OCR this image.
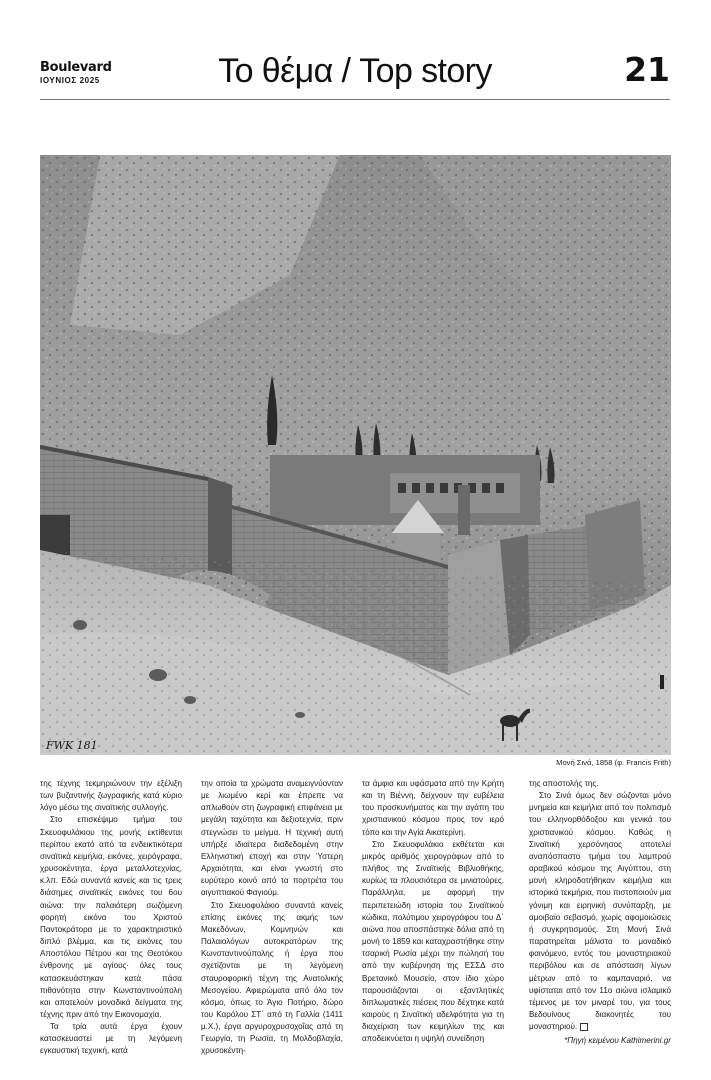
Boulevard
ΙΟΥΝΙΟΣ 2025	Το θέμα / Top story	21
FWK 181
Μονή Σινά, 1858 (φ. Francis Frith)

της τέχνης τεκμηριώνουν την εξέλιξη των βυζαντινής ζωγραφικής κατά κύριο λόγο μέσω της σιναϊτικής συλλογής.

Στο επισκέψιμο τμήμα του Σκευοφυλάκιου της μονής εκτίθενται περίπου εκατό από τα ενδεικτικότερα σιναϊτικά κειμήλια, εικόνες, χειρόγραφα, χρυσοκέντητα, έργα μεταλλοτεχνίας, κ.λπ. Εδώ συναντά κανείς και τις τρεις διάσημες σιναϊτικές εικόνες του 6ου αιώνα: την παλαιότερη σωζόμενη φορητή εικόνα του Χριστού Παντοκράτορα με το χαρακτηριστικό διπλό βλέμμα, και τις εικόνες του Αποστόλου Πέτρου και της Θεοτόκου ένθρονης με αγίους· όλες τους κατασκευάστηκαν κατά πάσα πιθανότητα στην Κωνσταντινούπολη και αποτελούν μοναδικά δείγματα της τέχνης πριν από την Εικονομαχία.

Τα τρία αυτά έργα έχουν κατασκευαστεί με τη λεγόμενη εγκαυστική τεχνική, κατά

την οποία τα χρώματα αναμειγνύονταν με λιωμένο κερί και έπρεπε να απλωθούν στη ζωγραφική επιφάνεια με μεγάλη ταχύτητα και δεξιοτεχνία, πριν στεγνώσει το μείγμα. Η τεχνική αυτή υπήρξε ιδιαίτερα διαδεδομένη στην Ελληνιστική εποχή και στην Ύστερη Αρχαιότητα, και είναι γνωστή στο ευρύτερο κοινό από τα πορτρέτα του αιγυπτιακού Φαγιούμ.

Στο Σκευοφυλάκιο συναντά κανείς επίσης εικόνες της ακμής των Μακεδόνων, Κομνηνών και Παλαιολόγων αυτοκρατόρων της Κωνσταντινούπολης ή έργα που σχετίζονται με τη λεγόμενη σταυροφορική τέχνη της Ανατολικής Μεσογείου. Αφιερώματα από όλο τον κόσμο, όπως το Άγιο Ποτήριο, δώρο του Καρόλου ΣΤ΄ από τη Γαλλία (1411 μ.Χ.), έργα αργυροχρυσοχοΐας από τη Γεωργία, τη Ρωσία, τη Μολδοβλαχία, χρυσοκέντη-

τα άμφια και υφάσματα από την Κρήτη και τη Βιέννη, δείχνουν την ευβέλεια του προσκυνήματος και την αγάπη του χριστιανικού κόσμου προς τον ιερό τόπο και την Αγία Αικατερίνη.

Στο Σκευοφυλάκιο εκθέτεται και μικρός αριθμός χειρογράφων από το πλήθος της Σιναϊτικής Βιβλιοθήκης, κυρίως τα πλουσιότερα σε μινιατούρες. Παράλληλα, με αφορμή την περιπετειώδη ιστορία του Σιναϊτικού κώδικα, πολύτιμου χειρογράφου του Δ΄ αιώνα που αποσπάστηκε δόλια από τη μονή το 1859 και καταχραστήθηκε στην τσαρική Ρωσία μέχρι την πώλησή του από την κυβέρνηση της ΕΣΣΔ στο Βρετανικό Μουσείο, στον ίδιο χώρο παρουσιάζονται οι εξαντλητικές διπλωματικές πιέσεις που δέχτηκε κατά καιρούς η Σιναϊτική αδελφότητα για τη διαχείριση των κειμηλίων της και αποδεικνύεται η υψηλή συνείδηση

της αποστολής της.

Στο Σινά όμως δεν σώζονται μόνο μνημεία και κειμήλια από τον πολιτισμό του ελληνορθόδοξου και γενικά του χριστιανικού κόσμου. Καθώς η Σιναϊτική χερσόνησος αποτελεί αναπόσπαστο τμήμα του λαμπρού αραβικού κόσμου της Αιγύπτου, στη μονή κληροδοτήθηκαν κειμήλια και ιστορικά τεκμήρια, που πιστοποιούν μια γόνιμη και ειρηνική συνύπαρξη, με αμοιβαίο σεβασμό, χωρίς αφομοιώσεις ή συγκρητισμούς. Στη Μονή Σινά παρατηρείται μάλιστα το μοναδικό φαινόμενο, εντός του μοναστηριακού περιβόλου και σε απόσταση λίγων μέτρων από το καμπαναριό, να υφίσταται από τον 11ο αιώνα ισλαμικό τέμενος με τον μιναρέ του, για τους Βεδουίνους διακονητές του μοναστηριού.

*Πηγή κειμένου Kathimerini.gr
